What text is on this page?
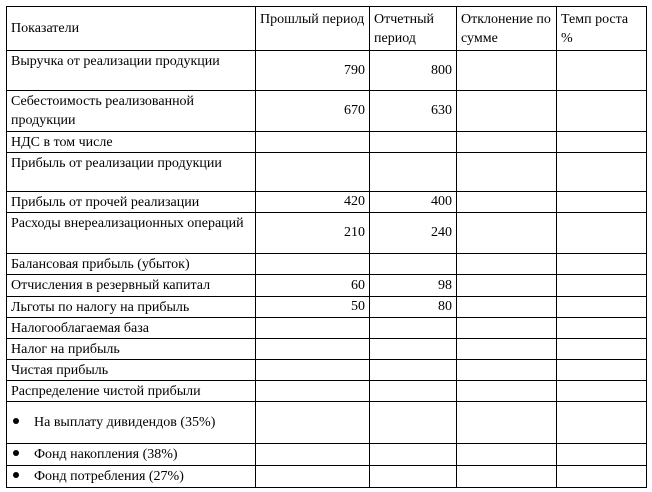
Показатели	Прошлый период	Отчетный период	Отклонение по сумме	Темп роста %
Выручка от реализации продукции	790	800		
Себестоимость реализованной продукции	670	630		
НДС в том числе				
Прибыль от реализации продукции				
Прибыль от прочей реализации	420	400		
Расходы внереализационных операций	210	240		
Балансовая прибыль (убыток)				
Отчисления в резервный капитал	60	98		
Льготы по налогу на прибыль	50	80		
Налогооблагаемая база				
Налог на прибыль				
Чистая прибыль				
Распределение чистой прибыли				
На выплату дивидендов (35%)				
Фонд накопления (38%)				
Фонд потребления (27%)				
